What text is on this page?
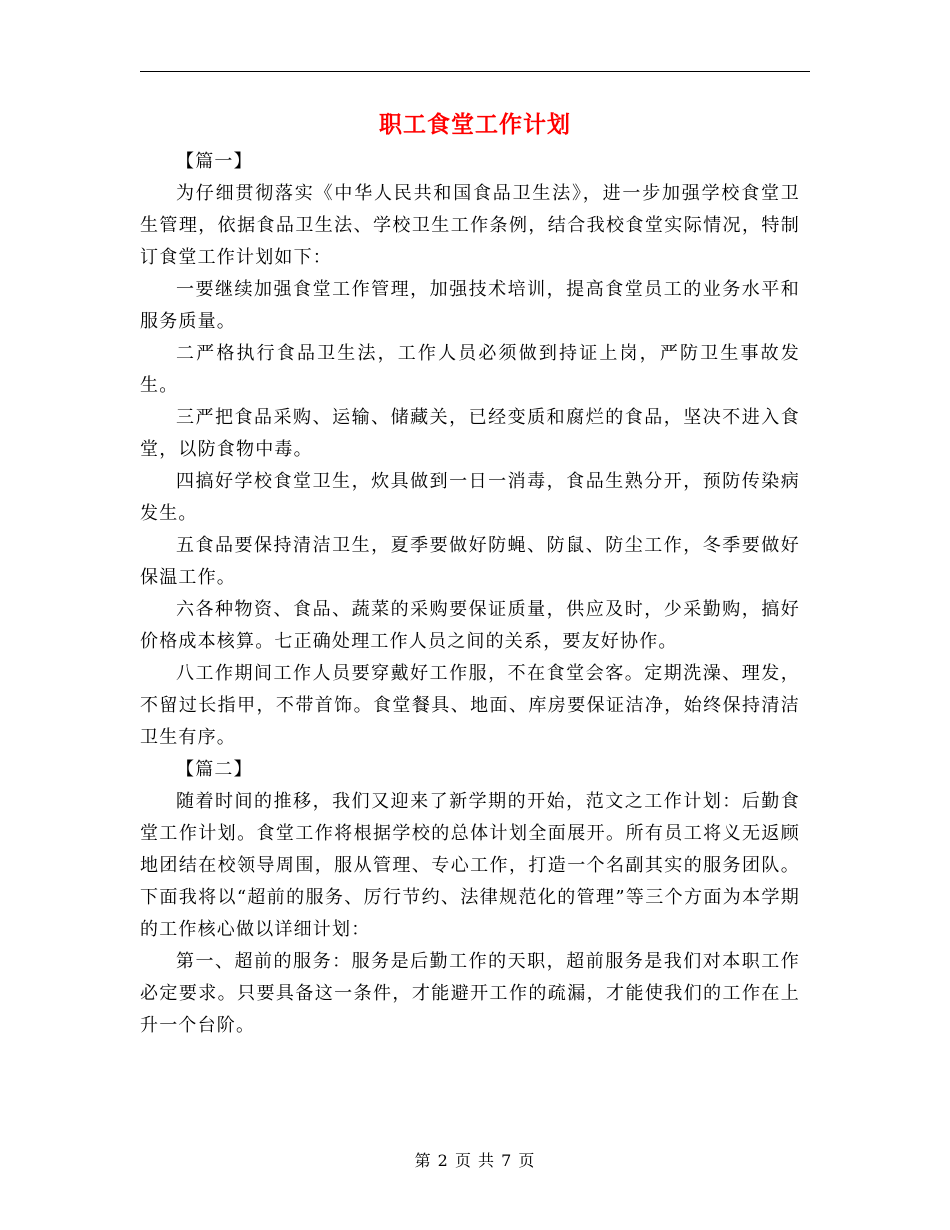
职工食堂工作计划

【篇一】

为仔细贯彻落实《中华人民共和国食品卫生法》，进一步加强学校食堂卫生管理，依据食品卫生法、学校卫生工作条例，结合我校食堂实际情况，特制订食堂工作计划如下：

一要继续加强食堂工作管理，加强技术培训，提高食堂员工的业务水平和服务质量。

二严格执行食品卫生法，工作人员必须做到持证上岗，严防卫生事故发生。

三严把食品采购、运输、储藏关，已经变质和腐烂的食品，坚决不进入食堂，以防食物中毒。

四搞好学校食堂卫生，炊具做到一日一消毒，食品生熟分开，预防传染病发生。

五食品要保持清洁卫生，夏季要做好防蝇、防鼠、防尘工作，冬季要做好保温工作。

六各种物资、食品、蔬菜的采购要保证质量，供应及时，少采勤购，搞好价格成本核算。七正确处理工作人员之间的关系，要友好协作。

八工作期间工作人员要穿戴好工作服，不在食堂会客。定期洗澡、理发，不留过长指甲，不带首饰。食堂餐具、地面、库房要保证洁净，始终保持清洁卫生有序。

【篇二】

随着时间的推移，我们又迎来了新学期的开始，范文之工作计划：后勤食堂工作计划。食堂工作将根据学校的总体计划全面展开。所有员工将义无返顾地团结在校领导周围，服从管理、专心工作，打造一个名副其实的服务团队。下面我将以“超前的服务、厉行节约、法律规范化的管理”等三个方面为本学期的工作核心做以详细计划：

第一、超前的服务：服务是后勤工作的天职，超前服务是我们对本职工作必定要求。只要具备这一条件，才能避开工作的疏漏，才能使我们的工作在上升一个台阶。

第 2 页 共 7 页
